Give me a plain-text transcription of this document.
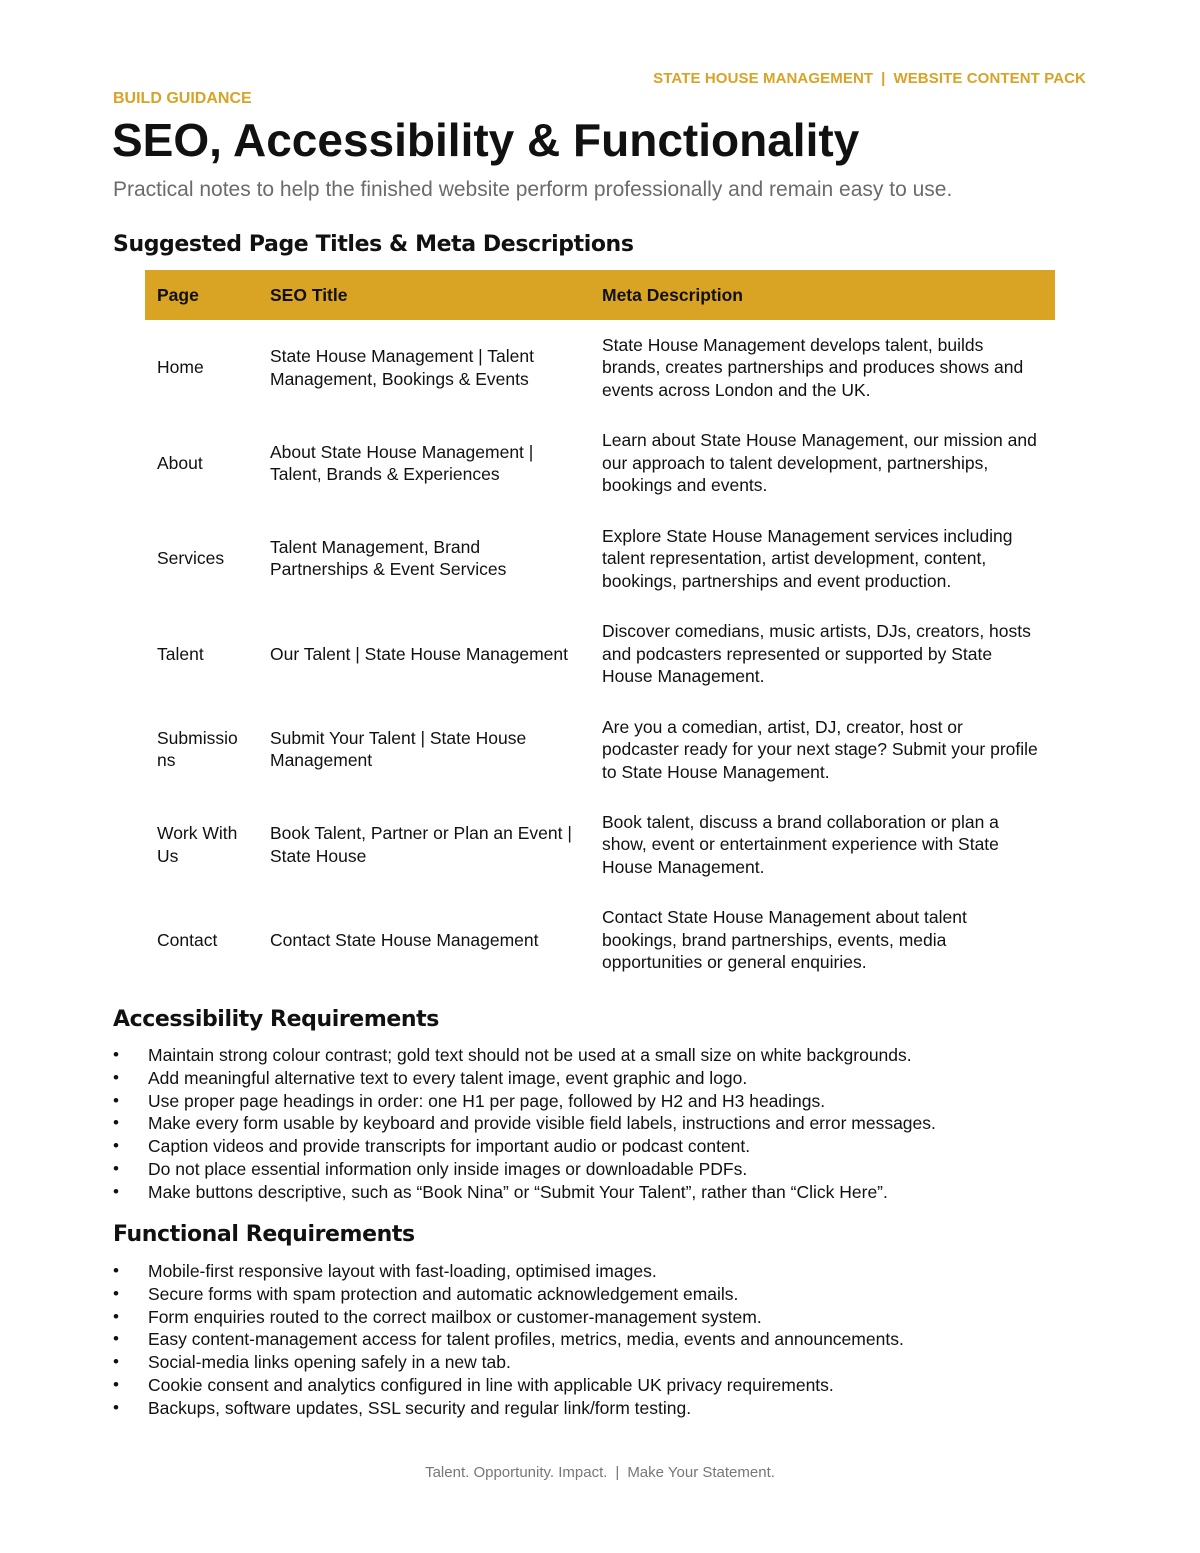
STATE HOUSE MANAGEMENT | WEBSITE CONTENT PACK
BUILD GUIDANCE
SEO, Accessibility & Functionality

Practical notes to help the finished website perform professionally and remain easy to use.

Suggested Page Titles & Meta Descriptions
Page	SEO Title	Meta Description
Home	State House Management | Talent Management, Bookings & Events	State House Management develops talent, builds brands, creates partnerships and produces shows and events across London and the UK.
About	About State House Management | Talent, Brands & Experiences	Learn about State House Management, our mission and our approach to talent development, partnerships, bookings and events.
Services	Talent Management, Brand Partnerships & Event Services	Explore State House Management services including talent representation, artist development, content, bookings, partnerships and event production.
Talent	Our Talent | State House Management	Discover comedians, music artists, DJs, creators, hosts and podcasters represented or supported by State House Management.
Submissions	Submit Your Talent | State House Management	Are you a comedian, artist, DJ, creator, host or podcaster ready for your next stage? Submit your profile to State House Management.
Work With Us	Book Talent, Partner or Plan an Event | State House	Book talent, discuss a brand collaboration or plan a show, event or entertainment experience with State House Management.
Contact	Contact State House Management	Contact State House Management about talent bookings, brand partnerships, events, media opportunities or general enquiries.
Accessibility Requirements
• Maintain strong colour contrast; gold text should not be used at a small size on white backgrounds.
• Add meaningful alternative text to every talent image, event graphic and logo.
• Use proper page headings in order: one H1 per page, followed by H2 and H3 headings.
• Make every form usable by keyboard and provide visible field labels, instructions and error messages.
• Caption videos and provide transcripts for important audio or podcast content.
• Do not place essential information only inside images or downloadable PDFs.
• Make buttons descriptive, such as “Book Nina” or “Submit Your Talent”, rather than “Click Here”.
Functional Requirements
• Mobile-first responsive layout with fast-loading, optimised images.
• Secure forms with spam protection and automatic acknowledgement emails.
• Form enquiries routed to the correct mailbox or customer-management system.
• Easy content-management access for talent profiles, metrics, media, events and announcements.
• Social-media links opening safely in a new tab.
• Cookie consent and analytics configured in line with applicable UK privacy requirements.
• Backups, software updates, SSL security and regular link/form testing.
Talent. Opportunity. Impact. | Make Your Statement.
